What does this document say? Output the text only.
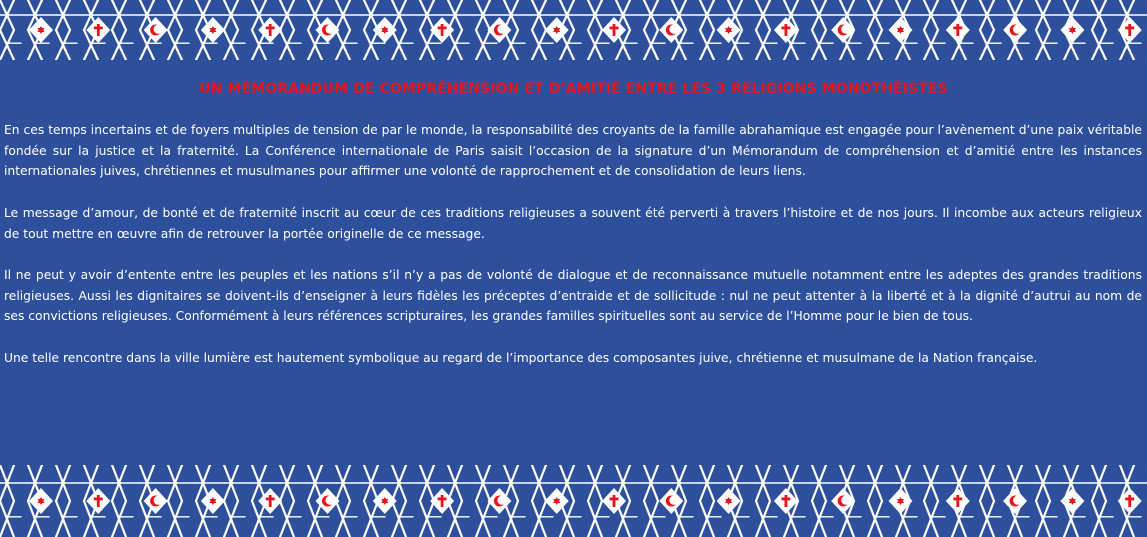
UN MÉMORANDUM DE COMPRÉHENSION ET D’AMITIÉ ENTRE LES 3 RELIGIONS MONOTHÉISTES

En ces temps incertains et de foyers multiples de tension de par le monde, la responsabilité des croyants de la famille abrahamique est engagée pour l’avènement d’une paix véritable fondée sur la justice et la fraternité. La Conférence internationale de Paris saisit l’occasion de la signature d’un Mémorandum de compréhension et d’amitié entre les instances internationales juives, chrétiennes et musulmanes pour affirmer une volonté de rapprochement et de consolidation de leurs liens.

Le message d’amour, de bonté et de fraternité inscrit au cœur de ces traditions religieuses a souvent été perverti à travers l’histoire et de nos jours. Il incombe aux acteurs religieux de tout mettre en œuvre afin de retrouver la portée originelle de ce message.

Il ne peut y avoir d’entente entre les peuples et les nations s’il n’y a pas de volonté de dialogue et de reconnaissance mutuelle notamment entre les adeptes des grandes traditions religieuses. Aussi les dignitaires se doivent-ils d’enseigner à leurs fidèles les préceptes d’entraide et de sollicitude : nul ne peut attenter à la liberté et à la dignité d’autrui au nom de ses convictions religieuses. Conformément à leurs références scripturaires, les grandes familles spirituelles sont au service de l’Homme pour le bien de tous.

Une telle rencontre dans la ville lumière est hautement symbolique au regard de l’importance des composantes juive, chrétienne et musulmane de la Nation française.
